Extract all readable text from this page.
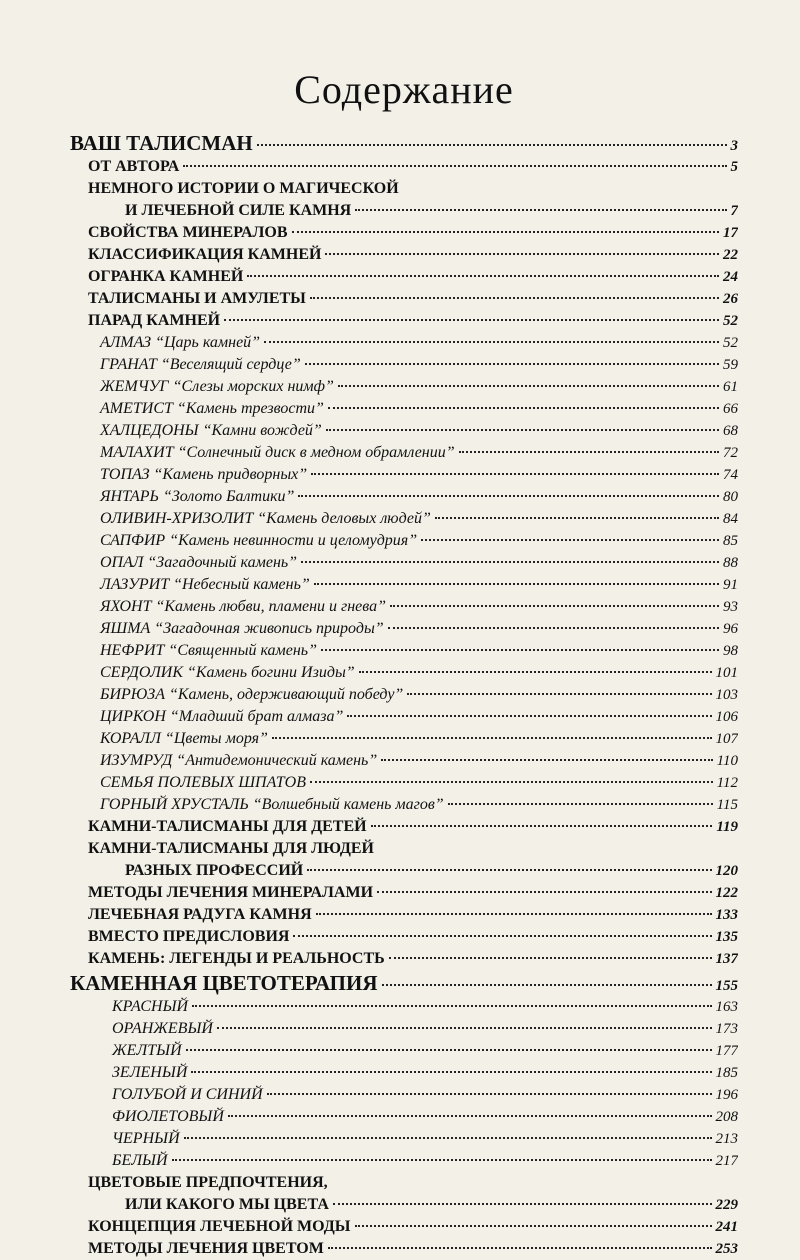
Содержание
ВАШ ТАЛИСМАН	3
ОТ АВТОРА	5
НЕМНОГО ИСТОРИИ О МАГИЧЕСКОЙ
И ЛЕЧЕБНОЙ СИЛЕ КАМНЯ	7
СВОЙСТВА МИНЕРАЛОВ	17
КЛАССИФИКАЦИЯ КАМНЕЙ	22
ОГРАНКА КАМНЕЙ	24
ТАЛИСМАНЫ И АМУЛЕТЫ	26
ПАРАД КАМНЕЙ	52
АЛМАЗ “Царь камней”	52
ГРАНАТ “Веселящий сердце”	59
ЖЕМЧУГ “Слезы морских нимф”	61
АМЕТИСТ “Камень трезвости”	66
ХАЛЦЕДОНЫ “Камни вождей”	68
МАЛАХИТ “Солнечный диск в медном обрамлении”	72
ТОПАЗ “Камень придворных”	74
ЯНТАРЬ “Золото Балтики”	80
ОЛИВИН-ХРИЗОЛИТ “Камень деловых людей”	84
САПФИР “Камень невинности и целомудрия”	85
ОПАЛ “Загадочный камень”	88
ЛАЗУРИТ “Небесный камень”	91
ЯХОНТ “Камень любви, пламени и гнева”	93
ЯШМА “Загадочная живопись природы”	96
НЕФРИТ “Священный камень”	98
СЕРДОЛИК “Камень богини Изиды”	101
БИРЮЗА “Камень, одерживающий победу”	103
ЦИРКОН “Младший брат алмаза”	106
КОРАЛЛ “Цветы моря”	107
ИЗУМРУД “Антидемонический камень”	110
СЕМЬЯ ПОЛЕВЫХ ШПАТОВ	112
ГОРНЫЙ ХРУСТАЛЬ “Волшебный камень магов”	115
КАМНИ-ТАЛИСМАНЫ ДЛЯ ДЕТЕЙ	119
КАМНИ-ТАЛИСМАНЫ ДЛЯ ЛЮДЕЙ
РАЗНЫХ ПРОФЕССИЙ	120
МЕТОДЫ ЛЕЧЕНИЯ МИНЕРАЛАМИ	122
ЛЕЧЕБНАЯ РАДУГА КАМНЯ	133
ВМЕСТО ПРЕДИСЛОВИЯ	135
КАМЕНЬ: ЛЕГЕНДЫ И РЕАЛЬНОСТЬ	137
КАМЕННАЯ ЦВЕТОТЕРАПИЯ	155
КРАСНЫЙ	163
ОРАНЖЕВЫЙ	173
ЖЕЛТЫЙ	177
ЗЕЛЕНЫЙ	185
ГОЛУБОЙ И СИНИЙ	196
ФИОЛЕТОВЫЙ	208
ЧЕРНЫЙ	213
БЕЛЫЙ	217
ЦВЕТОВЫЕ ПРЕДПОЧТЕНИЯ,
ИЛИ КАКОГО МЫ ЦВЕТА	229
КОНЦЕПЦИЯ ЛЕЧЕБНОЙ МОДЫ	241
МЕТОДЫ ЛЕЧЕНИЯ ЦВЕТОМ	253
